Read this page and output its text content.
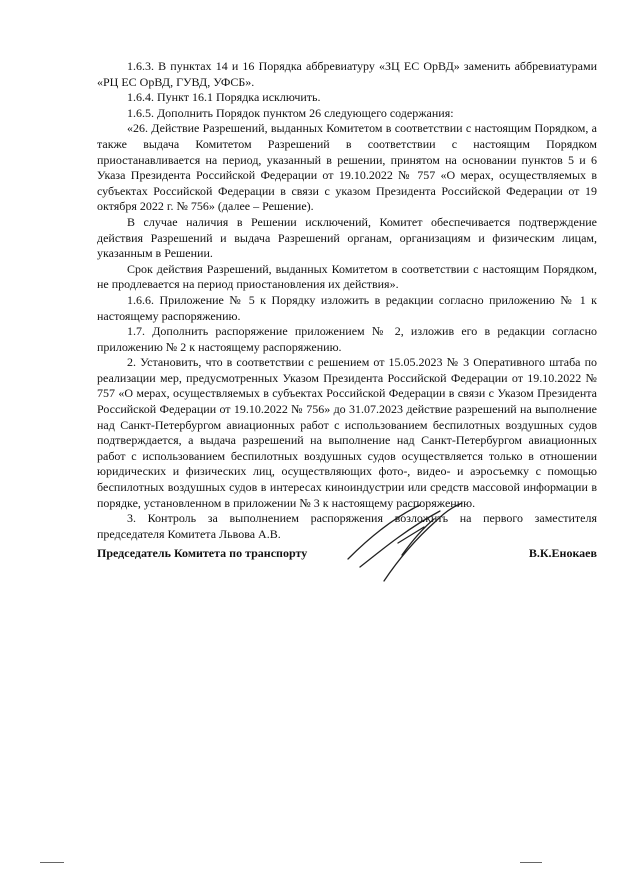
1.6.3. В пунктах 14 и 16 Порядка аббревиатуру «ЗЦ ЕС ОрВД» заменить аббревиатурами «РЦ ЕС ОрВД, ГУВД, УФСБ».

1.6.4. Пункт 16.1 Порядка исключить.

1.6.5. Дополнить Порядок пунктом 26 следующего содержания:

«26. Действие Разрешений, выданных Комитетом в соответствии с настоящим Порядком, а также выдача Комитетом Разрешений в соответствии с настоящим Порядком приостанавливается на период, указанный в решении, принятом на основании пунктов 5 и 6 Указа Президента Российской Федерации от 19.10.2022 № 757 «О мерах, осуществляемых в субъектах Российской Федерации в связи с указом Президента Российской Федерации от 19 октября 2022 г. № 756» (далее – Решение).

В случае наличия в Решении исключений, Комитет обеспечивается подтверждение действия Разрешений и выдача Разрешений органам, организациям и физическим лицам, указанным в Решении.

Срок действия Разрешений, выданных Комитетом в соответствии с настоящим Порядком, не продлевается на период приостановления их действия».

1.6.6. Приложение № 5 к Порядку изложить в редакции согласно приложению № 1 к настоящему распоряжению.

1.7. Дополнить распоряжение приложением № 2, изложив его в редакции согласно приложению № 2 к настоящему распоряжению.

2. Установить, что в соответствии с решением от 15.05.2023 № 3 Оперативного штаба по реализации мер, предусмотренных Указом Президента Российской Федерации от 19.10.2022 № 757 «О мерах, осуществляемых в субъектах Российской Федерации в связи с Указом Президента Российской Федерации от 19.10.2022 № 756» до 31.07.2023 действие разрешений на выполнение над Санкт-Петербургом авиационных работ с использованием беспилотных воздушных судов подтверждается, а выдача разрешений на выполнение над Санкт-Петербургом авиационных работ с использованием беспилотных воздушных судов осуществляется только в отношении юридических и физических лиц, осуществляющих фото-, видео- и аэросъемку с помощью беспилотных воздушных судов в интересах киноиндустрии или средств массовой информации в порядке, установленном в приложении № 3 к настоящему распоряжению.

3. Контроль за выполнением распоряжения возложить на первого заместителя председателя Комитета Львова А.В.

Председатель Комитета по транспорту	В.К.Енокаев
